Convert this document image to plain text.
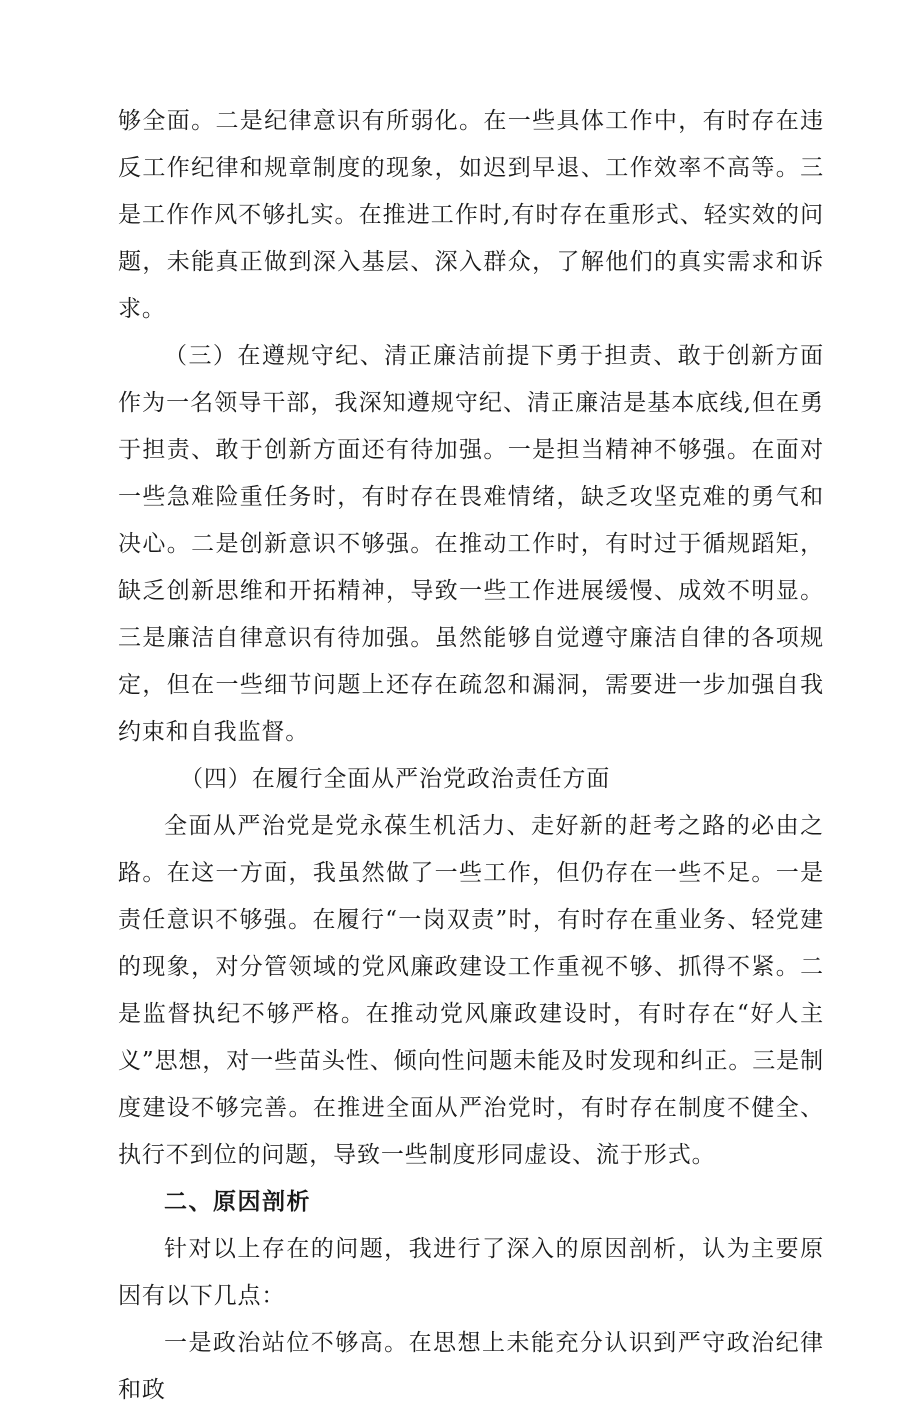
够全面。二是纪律意识有所弱化。在一些具体工作中，有时存在违反工作纪律和规章制度的现象，如迟到早退、工作效率不高等。三是工作作风不够扎实。在推进工作时,有时存在重形式、轻实效的问题，未能真正做到深入基层、深入群众，了解他们的真实需求和诉求。

（三）在遵规守纪、清正廉洁前提下勇于担责、敢于创新方面作为一名领导干部，我深知遵规守纪、清正廉洁是基本底线,但在勇于担责、敢于创新方面还有待加强。一是担当精神不够强。在面对一些急难险重任务时，有时存在畏难情绪，缺乏攻坚克难的勇气和决心。二是创新意识不够强。在推动工作时，有时过于循规蹈矩，缺乏创新思维和开拓精神，导致一些工作进展缓慢、成效不明显。三是廉洁自律意识有待加强。虽然能够自觉遵守廉洁自律的各项规定，但在一些细节问题上还存在疏忽和漏洞，需要进一步加强自我约束和自我监督。

（四）在履行全面从严治党政治责任方面

全面从严治党是党永葆生机活力、走好新的赶考之路的必由之路。在这一方面，我虽然做了一些工作，但仍存在一些不足。一是责任意识不够强。在履行“一岗双责”时，有时存在重业务、轻党建的现象，对分管领域的党风廉政建设工作重视不够、抓得不紧。二是监督执纪不够严格。在推动党风廉政建设时，有时存在“好人主义”思想，对一些苗头性、倾向性问题未能及时发现和纠正。三是制度建设不够完善。在推进全面从严治党时，有时存在制度不健全、执行不到位的问题，导致一些制度形同虚设、流于形式。

二、原因剖析

针对以上存在的问题，我进行了深入的原因剖析，认为主要原因有以下几点：

一是政治站位不够高。在思想上未能充分认识到严守政治纪律和政
